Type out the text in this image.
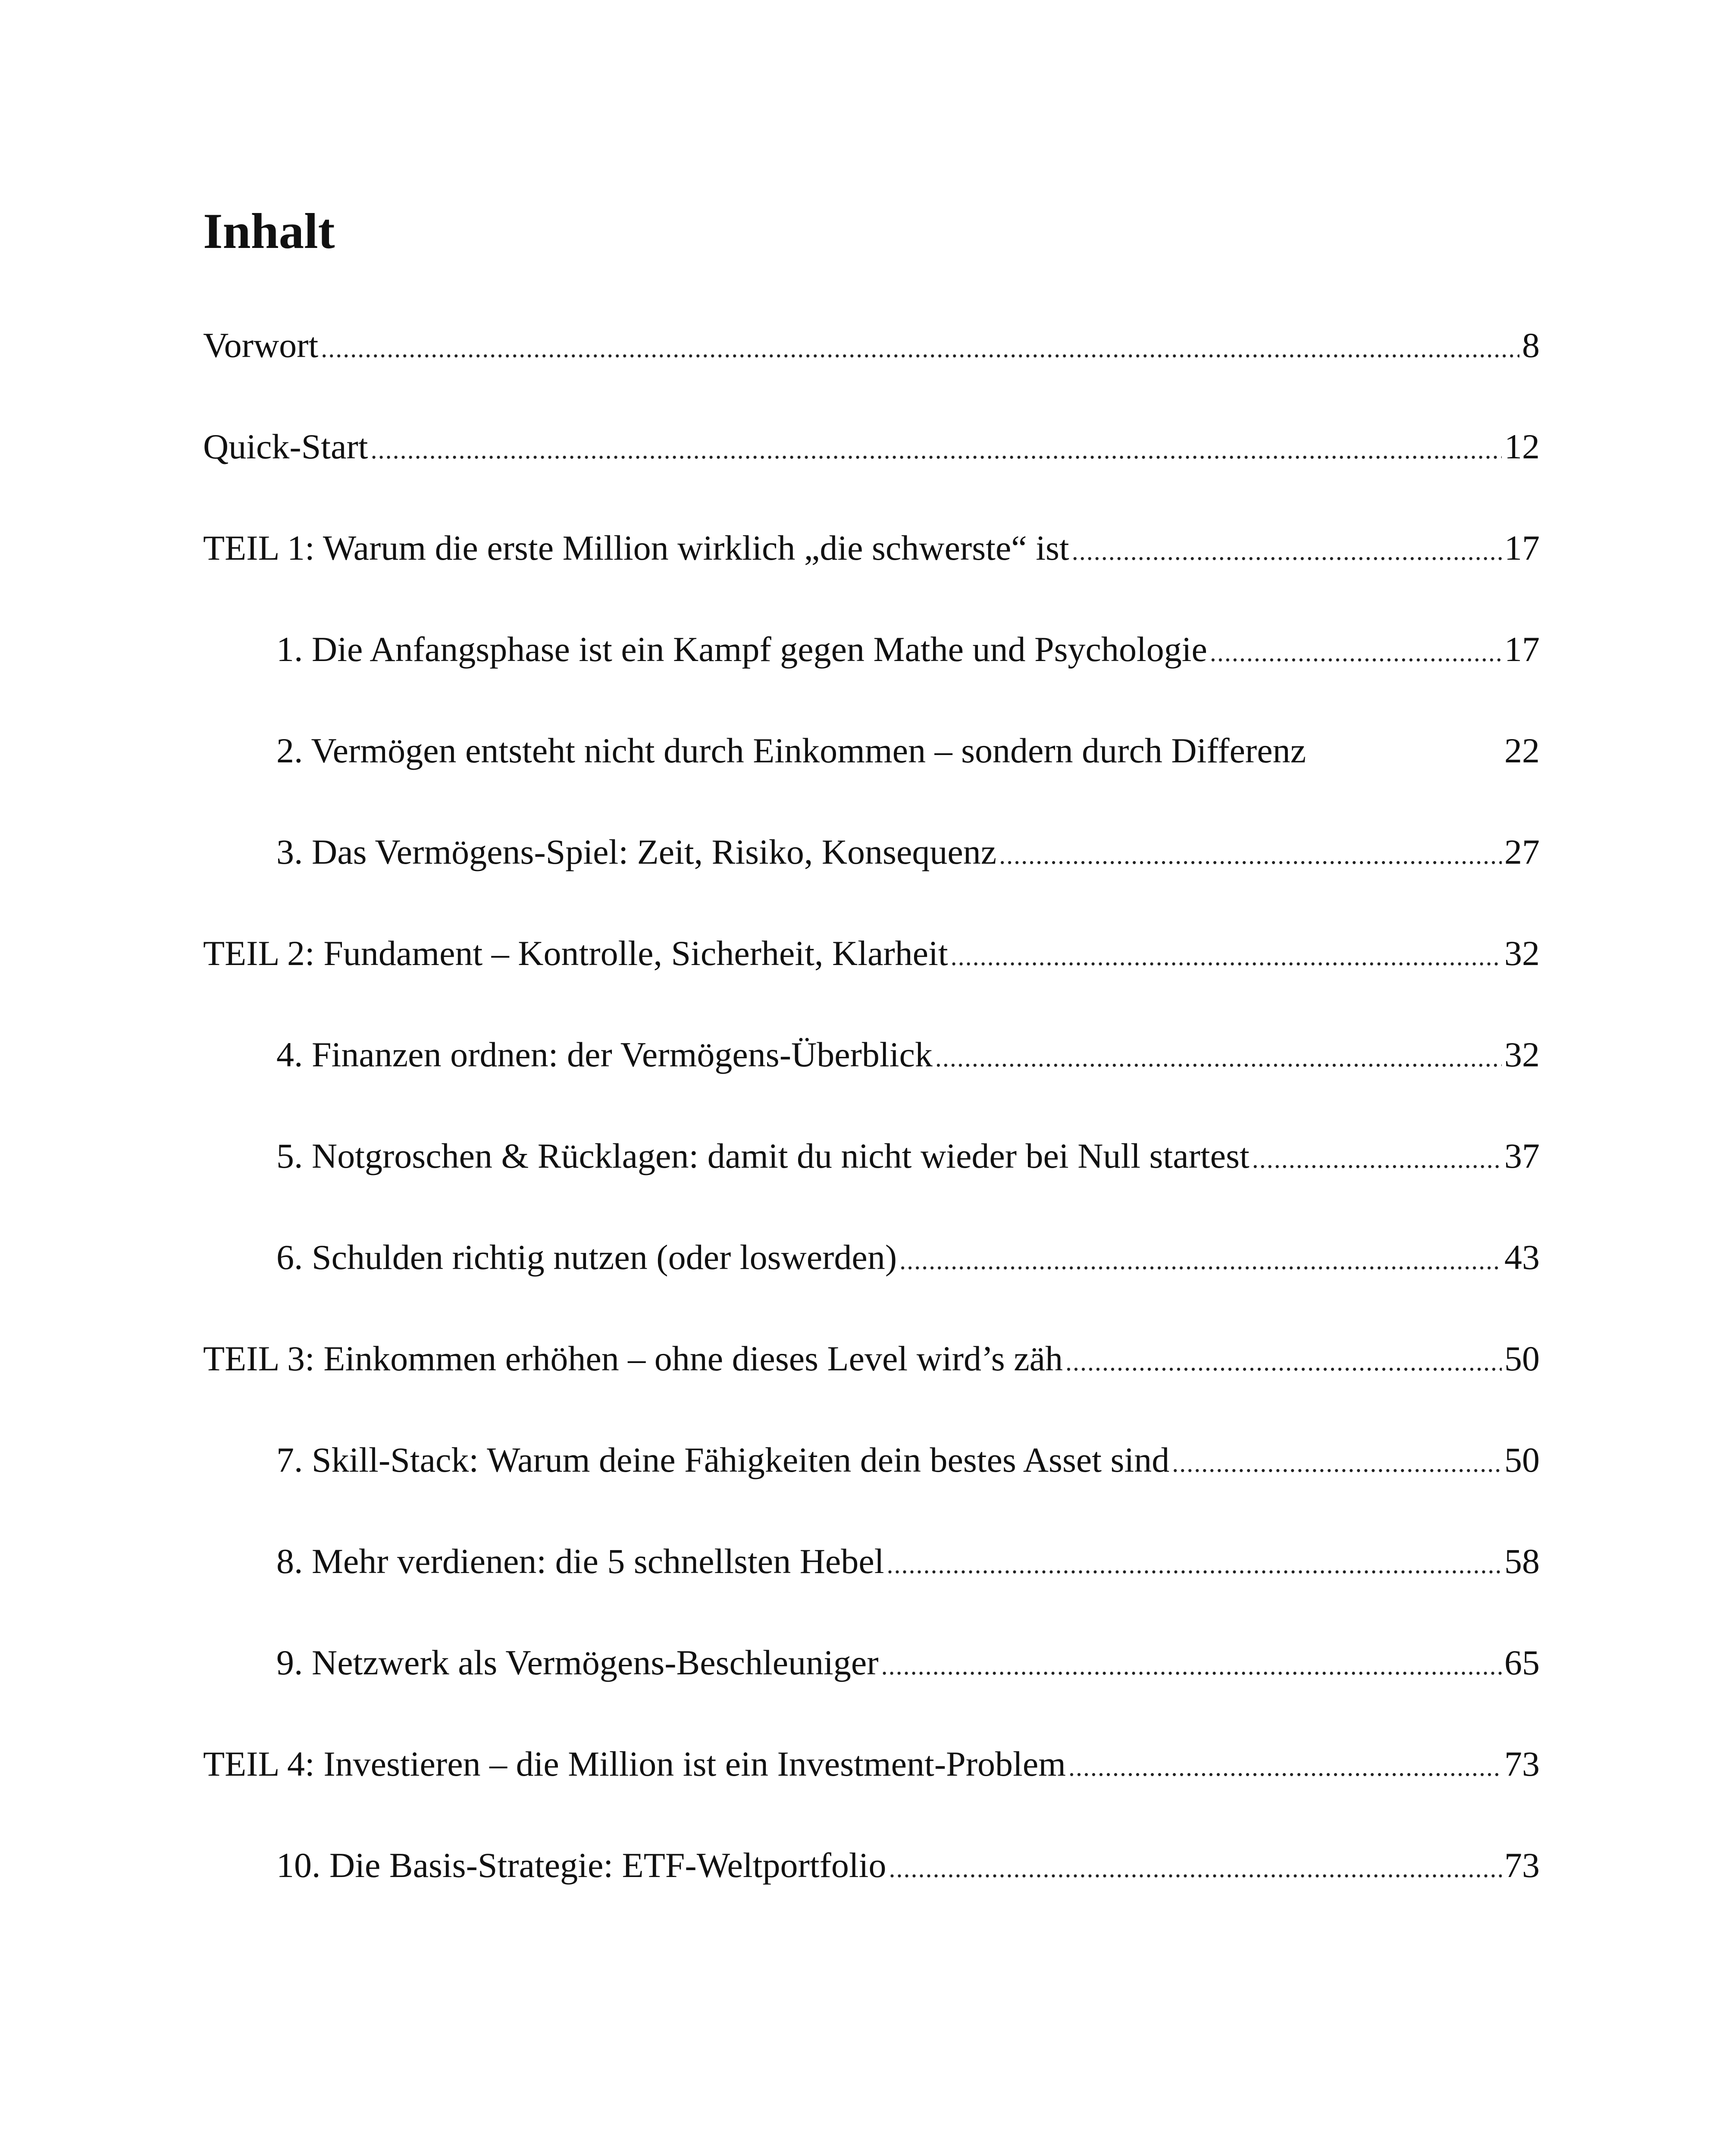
Inhalt
Vorwort .....	8
Quick-Start .....	12
TEIL 1: Warum die erste Million wirklich „die schwerste“ ist .....	17
1. Die Anfangsphase ist ein Kampf gegen Mathe und Psychologie .....	17
2. Vermögen entsteht nicht durch Einkommen – sondern durch Differenz	22
3. Das Vermögens-Spiel: Zeit, Risiko, Konsequenz .....	27
TEIL 2: Fundament – Kontrolle, Sicherheit, Klarheit .....	32
4. Finanzen ordnen: der Vermögens-Überblick .....	32
5. Notgroschen & Rücklagen: damit du nicht wieder bei Null startest .....	37
6. Schulden richtig nutzen (oder loswerden) .....	43
TEIL 3: Einkommen erhöhen – ohne dieses Level wird’s zäh .....	50
7. Skill-Stack: Warum deine Fähigkeiten dein bestes Asset sind .....	50
8. Mehr verdienen: die 5 schnellsten Hebel .....	58
9. Netzwerk als Vermögens-Beschleuniger .....	65
TEIL 4: Investieren – die Million ist ein Investment-Problem .....	73
10. Die Basis-Strategie: ETF-Weltportfolio .....	73
